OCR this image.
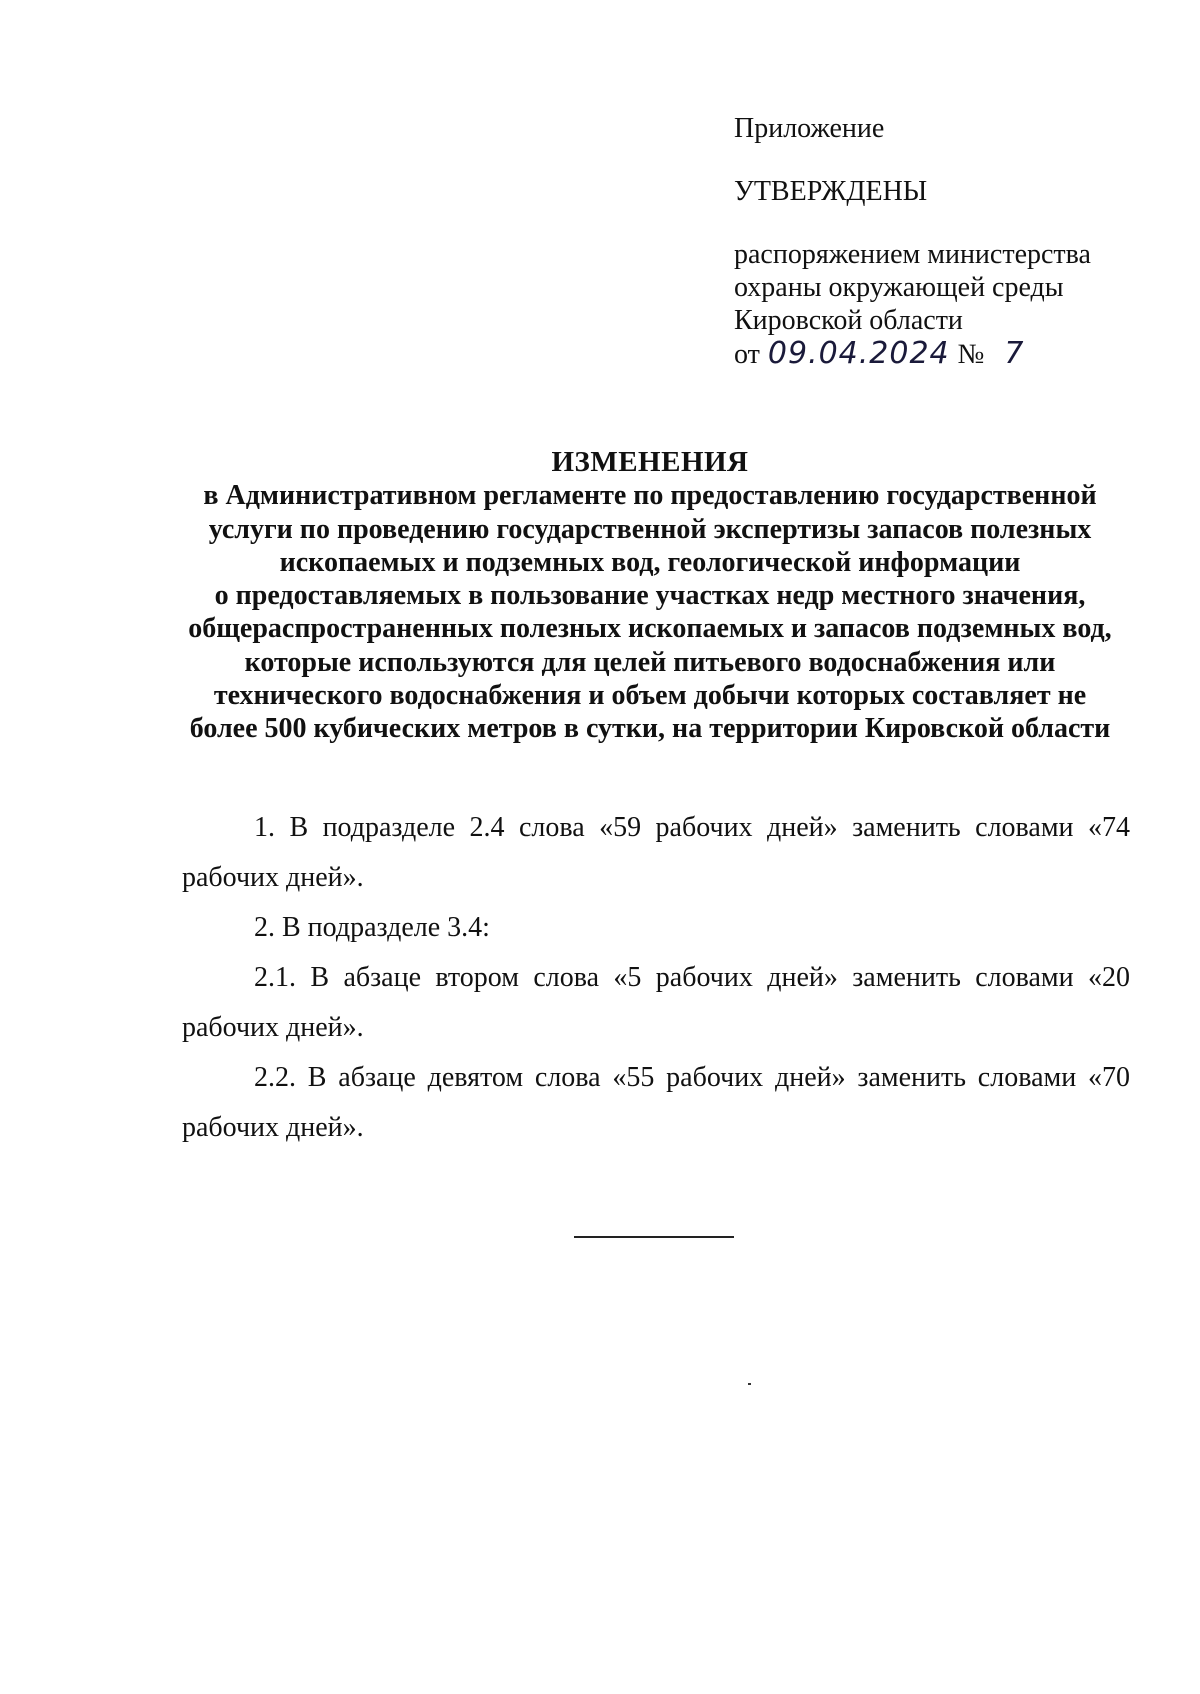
Приложение
УТВЕРЖДЕНЫ
распоряжением министерства
охраны окружающей среды
Кировской области
от 09.04.2024 № 7
ИЗМЕНЕНИЯ
в Административном регламенте по предоставлению государственной
услуги по проведению государственной экспертизы запасов полезных
ископаемых и подземных вод, геологической информации
о предоставляемых в пользование участках недр местного значения,
общераспространенных полезных ископаемых и запасов подземных вод,
которые используются для целей питьевого водоснабжения или
технического водоснабжения и объем добычи которых составляет не
более 500 кубических метров в сутки, на территории Кировской области

1. В подразделе 2.4 слова «59 рабочих дней» заменить словами «74

рабочих дней».

2. В подразделе 3.4:

2.1. В абзаце втором слова «5 рабочих дней» заменить словами «20

рабочих дней».

2.2. В абзаце девятом слова «55 рабочих дней» заменить словами «70

рабочих дней».
